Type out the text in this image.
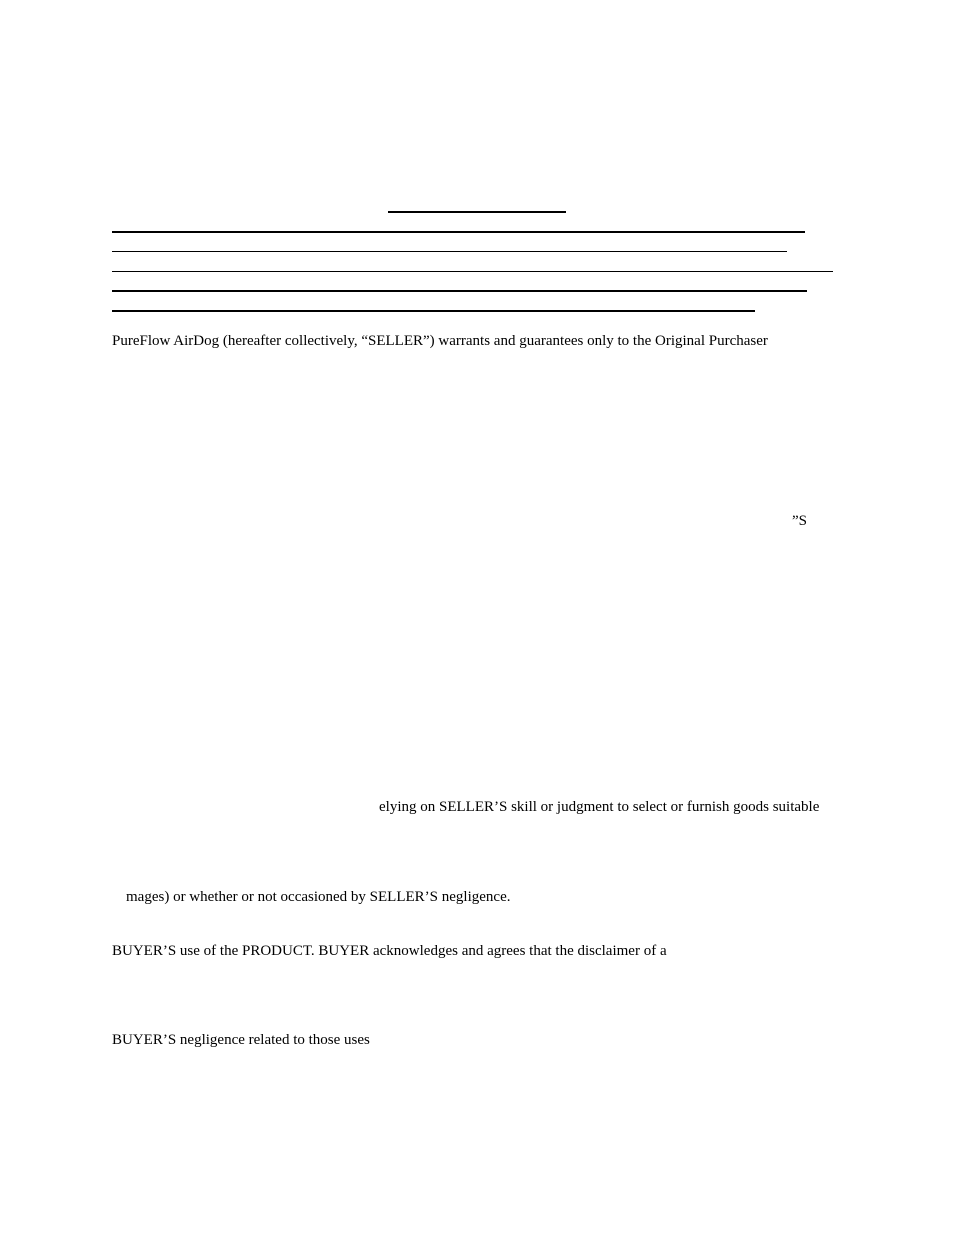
PureFlow AirDog (hereafter collectively, “SELLER”) warrants and guarantees only to the Original Purchaser
”S
elying on SELLER’S skill or judgment to select or furnish goods suitable
mages) or whether or not occasioned by SELLER’S negligence.
BUYER’S use of the PRODUCT. BUYER acknowledges and agrees that the disclaimer of a
BUYER’S negligence related to those uses
